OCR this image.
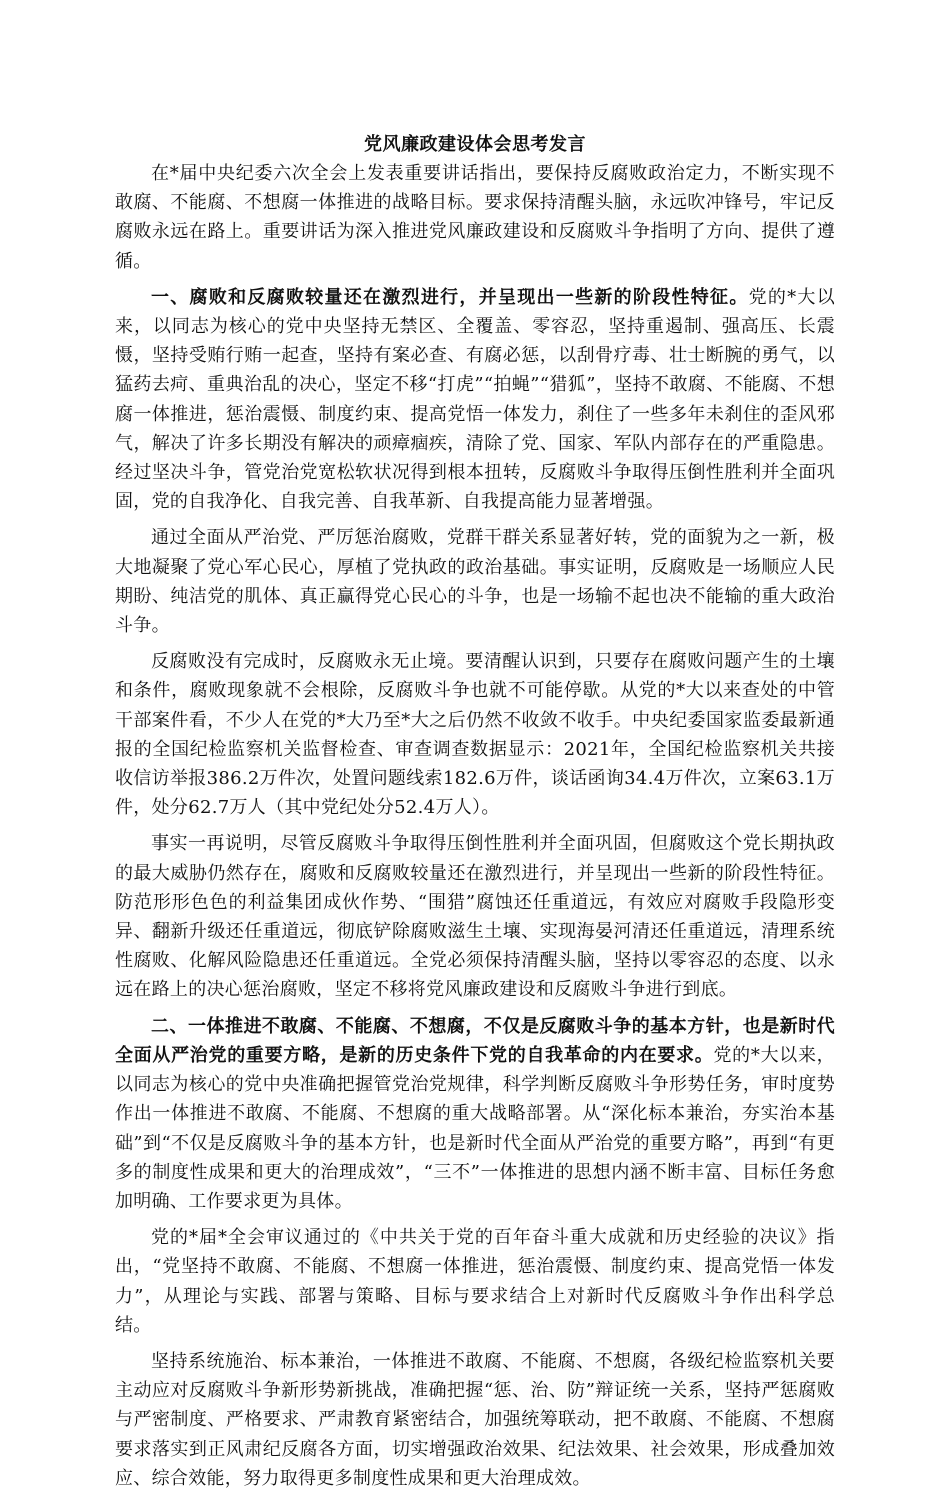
党风廉政建设体会思考发言

在*届中央纪委六次全会上发表重要讲话指出，要保持反腐败政治定力，不断实现不敢腐、不能腐、不想腐一体推进的战略目标。要求保持清醒头脑，永远吹冲锋号，牢记反腐败永远在路上。重要讲话为深入推进党风廉政建设和反腐败斗争指明了方向、提供了遵循。

一、腐败和反腐败较量还在激烈进行，并呈现出一些新的阶段性特征。党的*大以来，以同志为核心的党中央坚持无禁区、全覆盖、零容忍，坚持重遏制、强高压、长震慑，坚持受贿行贿一起查，坚持有案必查、有腐必惩，以刮骨疗毒、壮士断腕的勇气，以猛药去疴、重典治乱的决心，坚定不移“打虎”“拍蝇”“猎狐”，坚持不敢腐、不能腐、不想腐一体推进，惩治震慑、制度约束、提高党悟一体发力，刹住了一些多年未刹住的歪风邪气，解决了许多长期没有解决的顽瘴痼疾，清除了党、国家、军队内部存在的严重隐患。经过坚决斗争，管党治党宽松软状况得到根本扭转，反腐败斗争取得压倒性胜利并全面巩固，党的自我净化、自我完善、自我革新、自我提高能力显著增强。

通过全面从严治党、严厉惩治腐败，党群干群关系显著好转，党的面貌为之一新，极大地凝聚了党心军心民心，厚植了党执政的政治基础。事实证明，反腐败是一场顺应人民期盼、纯洁党的肌体、真正赢得党心民心的斗争，也是一场输不起也决不能输的重大政治斗争。

反腐败没有完成时，反腐败永无止境。要清醒认识到，只要存在腐败问题产生的土壤和条件，腐败现象就不会根除，反腐败斗争也就不可能停歇。从党的*大以来查处的中管干部案件看，不少人在党的*大乃至*大之后仍然不收敛不收手。中央纪委国家监委最新通报的全国纪检监察机关监督检查、审查调查数据显示：2021年，全国纪检监察机关共接收信访举报386.2万件次，处置问题线索182.6万件，谈话函询34.4万件次，立案63.1万件，处分62.7万人（其中党纪处分52.4万人）。

事实一再说明，尽管反腐败斗争取得压倒性胜利并全面巩固，但腐败这个党长期执政的最大威胁仍然存在，腐败和反腐败较量还在激烈进行，并呈现出一些新的阶段性特征。防范形形色色的利益集团成伙作势、“围猎”腐蚀还任重道远，有效应对腐败手段隐形变异、翻新升级还任重道远，彻底铲除腐败滋生土壤、实现海晏河清还任重道远，清理系统性腐败、化解风险隐患还任重道远。全党必须保持清醒头脑，坚持以零容忍的态度、以永远在路上的决心惩治腐败，坚定不移将党风廉政建设和反腐败斗争进行到底。

二、一体推进不敢腐、不能腐、不想腐，不仅是反腐败斗争的基本方针，也是新时代全面从严治党的重要方略，是新的历史条件下党的自我革命的内在要求。党的*大以来，以同志为核心的党中央准确把握管党治党规律，科学判断反腐败斗争形势任务，审时度势作出一体推进不敢腐、不能腐、不想腐的重大战略部署。从“深化标本兼治，夯实治本基础”到“不仅是反腐败斗争的基本方针，也是新时代全面从严治党的重要方略”，再到“有更多的制度性成果和更大的治理成效”，“三不”一体推进的思想内涵不断丰富、目标任务愈加明确、工作要求更为具体。

党的*届*全会审议通过的《中共关于党的百年奋斗重大成就和历史经验的决议》指出，“党坚持不敢腐、不能腐、不想腐一体推进，惩治震慑、制度约束、提高党悟一体发力”，从理论与实践、部署与策略、目标与要求结合上对新时代反腐败斗争作出科学总结。

坚持系统施治、标本兼治，一体推进不敢腐、不能腐、不想腐，各级纪检监察机关要主动应对反腐败斗争新形势新挑战，准确把握“惩、治、防”辩证统一关系，坚持严惩腐败与严密制度、严格要求、严肃教育紧密结合，加强统筹联动，把不敢腐、不能腐、不想腐要求落实到正风肃纪反腐各方面，切实增强政治效果、纪法效果、社会效果，形成叠加效应、综合效能，努力取得更多制度性成果和更大治理成效。
